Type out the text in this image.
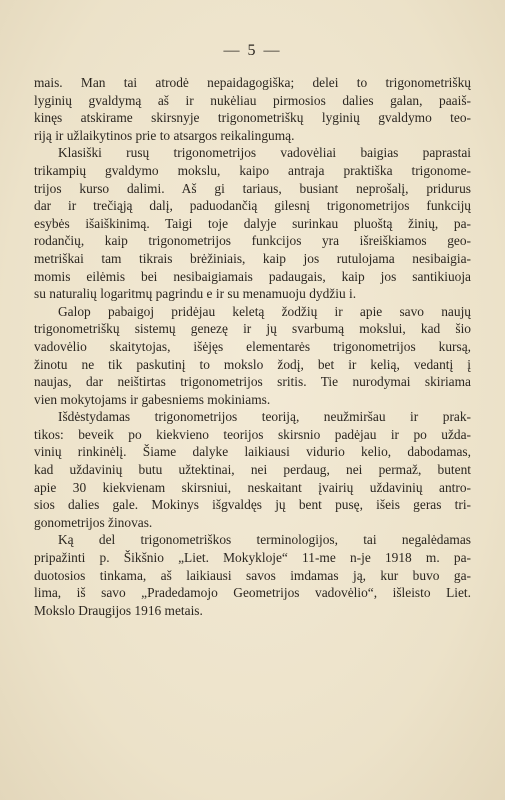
— 5 —

mais. Man tai atrodė nepaidagogiška; delei to trigonometriškų
lyginių gvaldymą aš ir nukėliau pirmosios dalies galan, paaiš-
kinęs atskirame skirsnyje trigonometriškų lyginių gvaldymo teo-
riją ir užlaikytinos prie to atsargos reikalingumą.

Klasiški rusų trigonometrijos vadovėliai baigias paprastai
trikampių gvaldymo mokslu, kaipo antraja praktiška trigonome-
trijos kurso dalimi. Aš gi tariaus, busiant neprošalį, pridurus
dar ir trečiąją dalį, paduodančią gilesnį trigonometrijos funkcijų
esybės išaiškinimą. Taigi toje dalyje surinkau pluoštą žinių, pa-
rodančių, kaip trigonometrijos funkcijos yra išreiškiamos geo-
metriškai tam tikrais brėžiniais, kaip jos rutulojama nesibaigia-
momis eilėmis bei nesibaigiamais padaugais, kaip jos santikiuoja
su naturalių logaritmų pagrindu e ir su menamuoju dydžiu i.

Galop pabaigoj pridėjau keletą žodžių ir apie savo naujų
trigonometriškų sistemų genezę ir jų svarbumą mokslui, kad šio
vadovėlio skaitytojas, išėjęs elementarės trigonometrijos kursą,
žinotu ne tik paskutinį to mokslo žodį, bet ir kelią, vedantį į
naujas, dar neištirtas trigonometrijos sritis. Tie nurodymai skiriama
vien mokytojams ir gabesniems mokiniams.

Išdėstydamas trigonometrijos teoriją, neužmiršau ir prak-
tikos: beveik po kiekvieno teorijos skirsnio padėjau ir po užda-
vinių rinkinėlį. Šiame dalyke laikiausi vidurio kelio, dabodamas,
kad uždavinių butu užtektinai, nei perdaug, nei permaž, butent
apie 30 kiekvienam skirsniui, neskaitant įvairių uždavinių antro-
sios dalies gale. Mokinys išgvaldęs jų bent pusę, išeis geras tri-
gonometrijos žinovas.

Ką del trigonometriškos terminologijos, tai negalėdamas
pripažinti p. Šikšnio „Liet. Mokykloje“ 11-me n-je 1918 m. pa-
duotosios tinkama, aš laikiausi savos imdamas ją, kur buvo ga-
lima, iš savo „Pradedamojo Geometrijos vadovėlio“, išleisto Liet.
Mokslo Draugijos 1916 metais.
